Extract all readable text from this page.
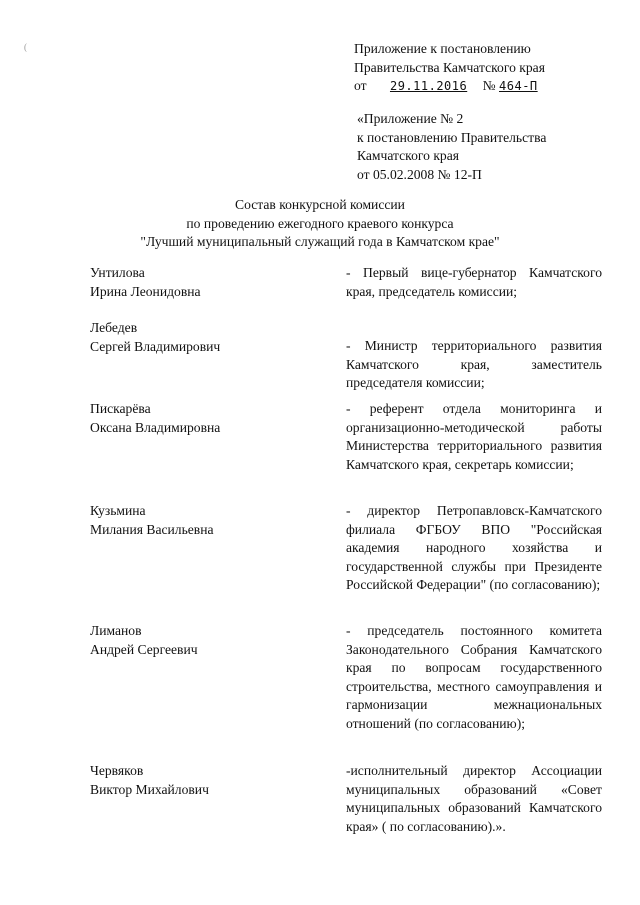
(	Приложение к постановлению
Правительства Камчатского края
от 29.11.2016 № 464-П
«Приложение № 2
к постановлению Правительства
Камчатского края
от 05.02.2008 № 12-П
Состав конкурсной комиссии
по проведению ежегодного краевого конкурса
"Лучший муниципальный служащий года в Камчатском крае"
Унтилова
Ирина Леонидовна
- Первый вице-губернатор Камчатского края, председатель комиссии;
Лебедев
Сергей Владимирович	- Министр территориального развития Камчатского края, заместитель председателя комиссии;
Пискарёва
Оксана Владимировна
- референт отдела мониторинга и организационно-методической работы Министерства территориального развития Камчатского края, секретарь комиссии;
Кузьмина
Милания Васильевна
- директор Петропавловск-Камчатского филиала ФГБОУ ВПО "Российская академия народного хозяйства и государственной службы при Президенте Российской Федерации" (по согласованию);
Лиманов
Андрей Сергеевич
- председатель постоянного комитета Законодательного Собрания Камчатского края по вопросам государственного строительства, местного самоуправления и гармонизации межнациональных отношений (по согласованию);
Червяков
Виктор Михайлович
-исполнительный директор Ассоциации муниципальных образований «Совет муниципальных образований Камчатского края» ( по согласованию).».
